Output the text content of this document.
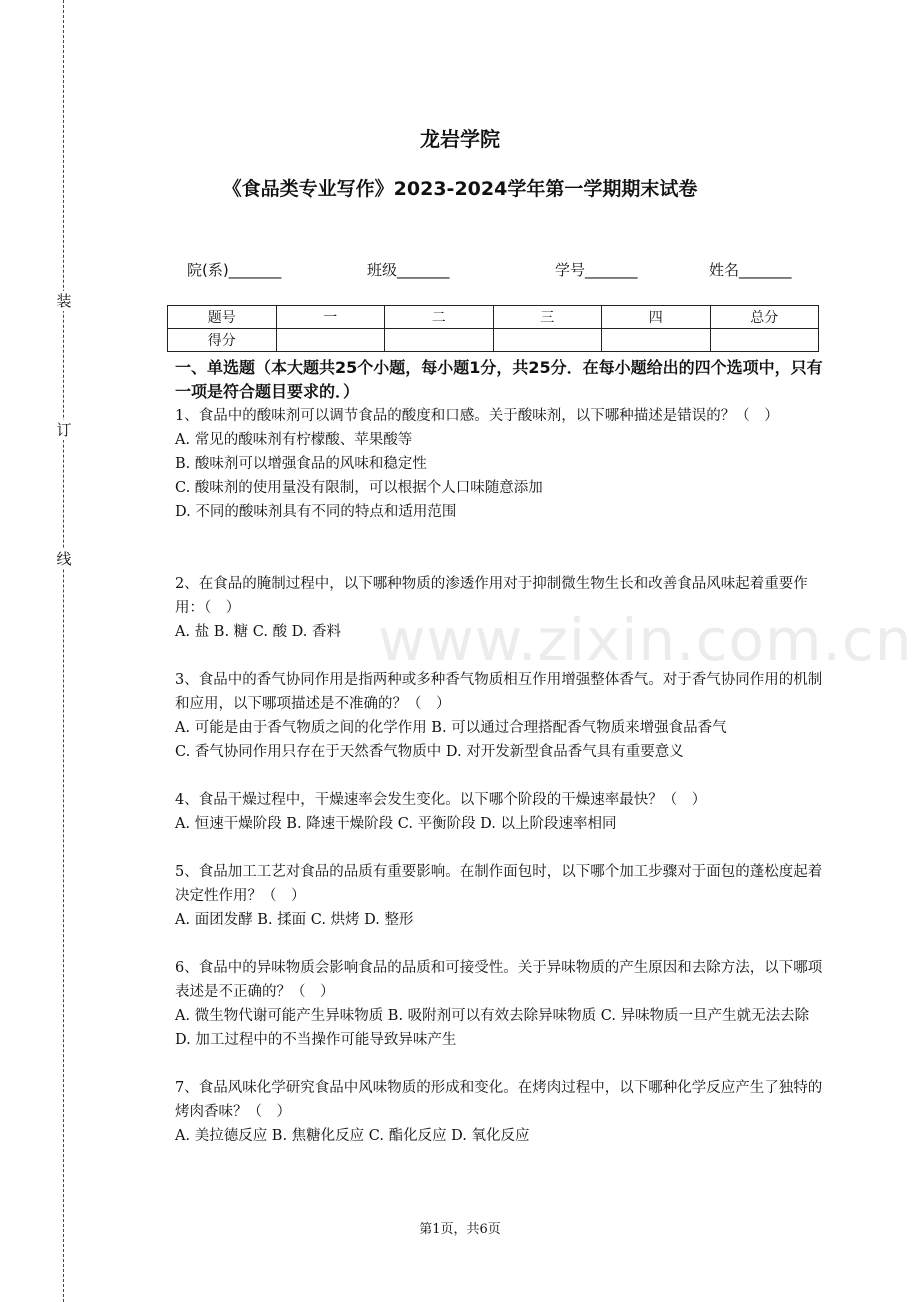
装
订
线
龙岩学院
《食品类专业写作》2023-2024学年第一学期期末试卷
院(系)_______	班级_______	学号_______	姓名_______
题号	一	二	三	四	总分
得分					
一、单选题（本大题共25个小题，每小题1分，共25分．在每小题给出的四个选项中，只有一项是符合题目要求的．）

1、食品中的酸味剂可以调节食品的酸度和口感。关于酸味剂，以下哪种描述是错误的？（　）

A. 常见的酸味剂有柠檬酸、苹果酸等

B. 酸味剂可以增强食品的风味和稳定性

C. 酸味剂的使用量没有限制，可以根据个人口味随意添加

D. 不同的酸味剂具有不同的特点和适用范围

2、在食品的腌制过程中，以下哪种物质的渗透作用对于抑制微生物生长和改善食品风味起着重要作用：（　）

A. 盐 B. 糖 C. 酸 D. 香料

3、食品中的香气协同作用是指两种或多种香气物质相互作用增强整体香气。对于香气协同作用的机制和应用，以下哪项描述是不准确的？（　）

A. 可能是由于香气物质之间的化学作用 B. 可以通过合理搭配香气物质来增强食品香气

C. 香气协同作用只存在于天然香气物质中 D. 对开发新型食品香气具有重要意义

4、食品干燥过程中，干燥速率会发生变化。以下哪个阶段的干燥速率最快？（　）

A. 恒速干燥阶段 B. 降速干燥阶段 C. 平衡阶段 D. 以上阶段速率相同

5、食品加工工艺对食品的品质有重要影响。在制作面包时，以下哪个加工步骤对于面包的蓬松度起着决定性作用？（　）

A. 面团发酵 B. 揉面 C. 烘烤 D. 整形

6、食品中的异味物质会影响食品的品质和可接受性。关于异味物质的产生原因和去除方法，以下哪项表述是不正确的？（　）

A. 微生物代谢可能产生异味物质 B. 吸附剂可以有效去除异味物质 C. 异味物质一旦产生就无法去除 D. 加工过程中的不当操作可能导致异味产生

7、食品风味化学研究食品中风味物质的形成和变化。在烤肉过程中，以下哪种化学反应产生了独特的烤肉香味？（　）

A. 美拉德反应 B. 焦糖化反应 C. 酯化反应 D. 氧化反应

www.zixin.com.cn
第1页，共6页
